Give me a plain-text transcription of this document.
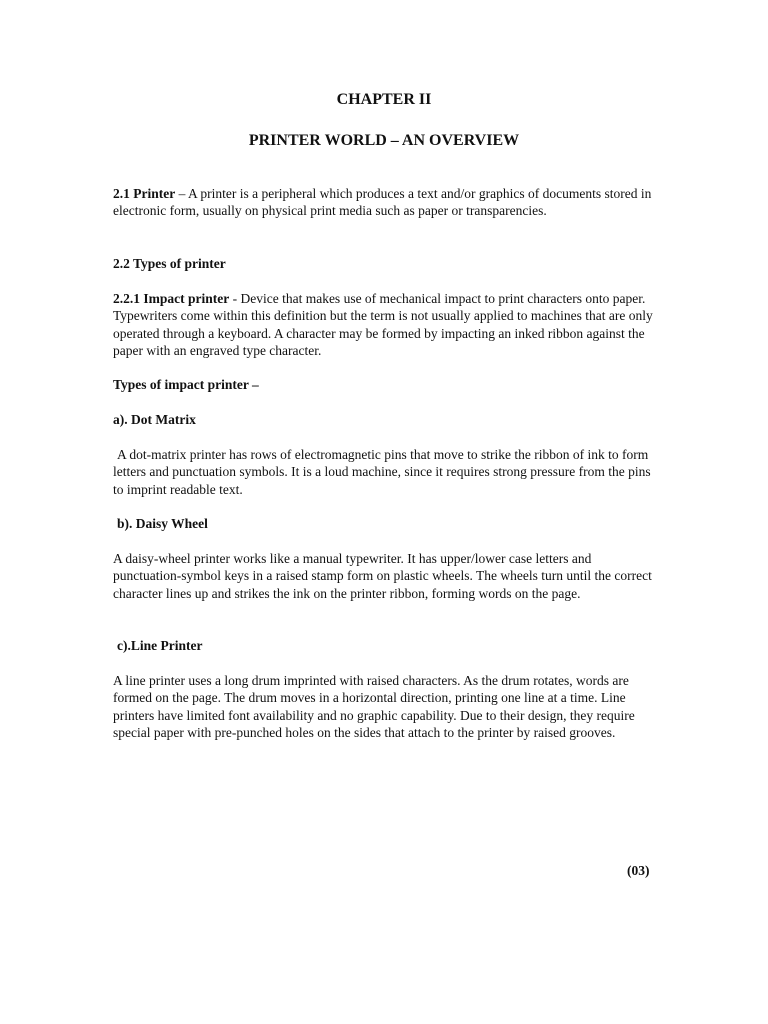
CHAPTER II
PRINTER WORLD – AN OVERVIEW
2.1 Printer – A printer is a peripheral which produces a text and/or graphics of documents stored in electronic form, usually on physical print media such as paper or transparencies.
2.2 Types of printer
2.2.1 Impact printer - Device that makes use of mechanical impact to print characters onto paper. Typewriters come within this definition but the term is not usually applied to machines that are only operated through a keyboard. A character may be formed by impacting an inked ribbon against the paper with an engraved type character.
Types of impact printer –
a). Dot Matrix
A dot-matrix printer has rows of electromagnetic pins that move to strike the ribbon of ink to form letters and punctuation symbols. It is a loud machine, since it requires strong pressure from the pins to imprint readable text.
b). Daisy Wheel
A daisy-wheel printer works like a manual typewriter. It has upper/lower case letters and punctuation-symbol keys in a raised stamp form on plastic wheels. The wheels turn until the correct character lines up and strikes the ink on the printer ribbon, forming words on the page.
c).Line Printer
A line printer uses a long drum imprinted with raised characters. As the drum rotates, words are formed on the page. The drum moves in a horizontal direction, printing one line at a time. Line printers have limited font availability and no graphic capability. Due to their design, they require special paper with pre-punched holes on the sides that attach to the printer by raised grooves.
(03)
